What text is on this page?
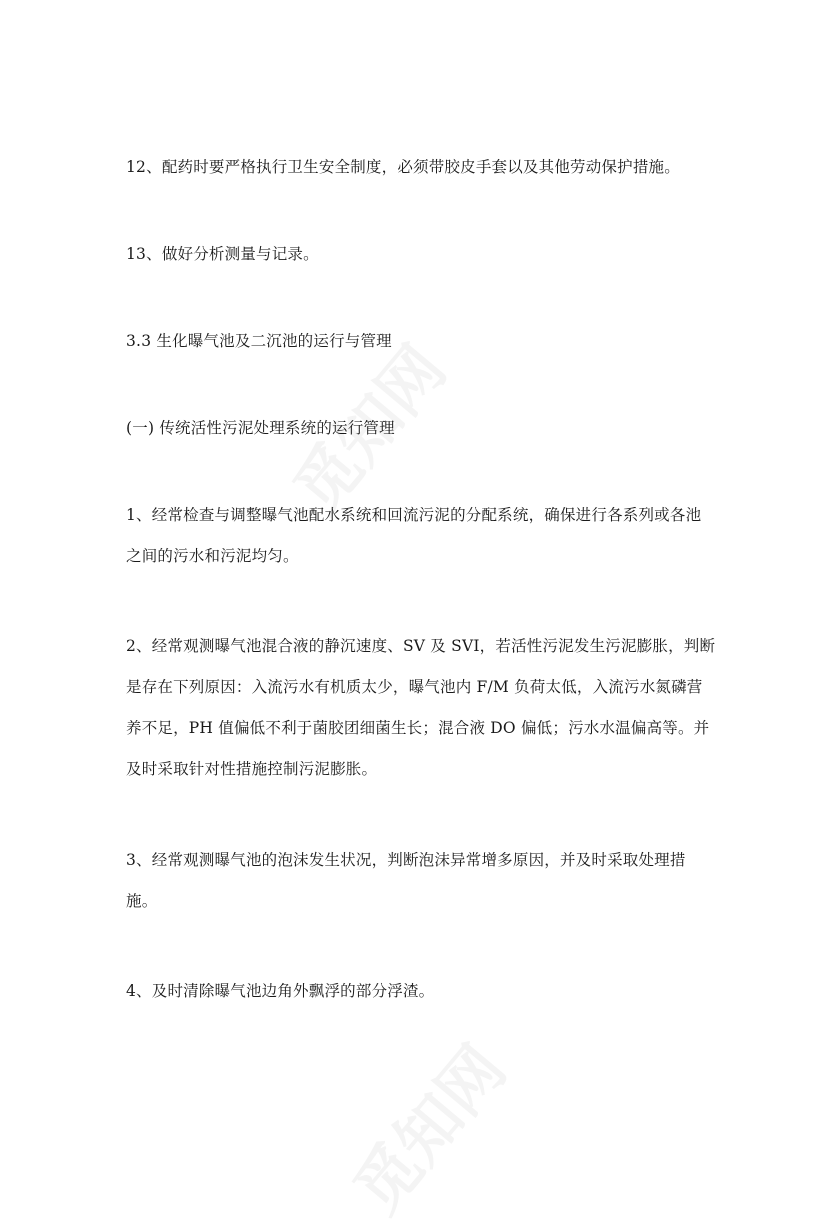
12、配药时要严格执行卫生安全制度，必须带胶皮手套以及其他劳动保护措施。

13、做好分析测量与记录。

3.3 生化曝气池及二沉池的运行与管理

(一) 传统活性污泥处理系统的运行管理

1、经常检查与调整曝气池配水系统和回流污泥的分配系统，确保进行各系列或各池之间的污水和污泥均匀。

2、经常观测曝气池混合液的静沉速度、SV 及 SVI，若活性污泥发生污泥膨胀，判断是存在下列原因：入流污水有机质太少，曝气池内 F/M 负荷太低，入流污水氮磷营养不足，PH 值偏低不利于菌胶团细菌生长；混合液 DO 偏低；污水水温偏高等。并及时采取针对性措施控制污泥膨胀。

3、经常观测曝气池的泡沫发生状况，判断泡沫异常增多原因，并及时采取处理措施。

4、及时清除曝气池边角外飘浮的部分浮渣。
